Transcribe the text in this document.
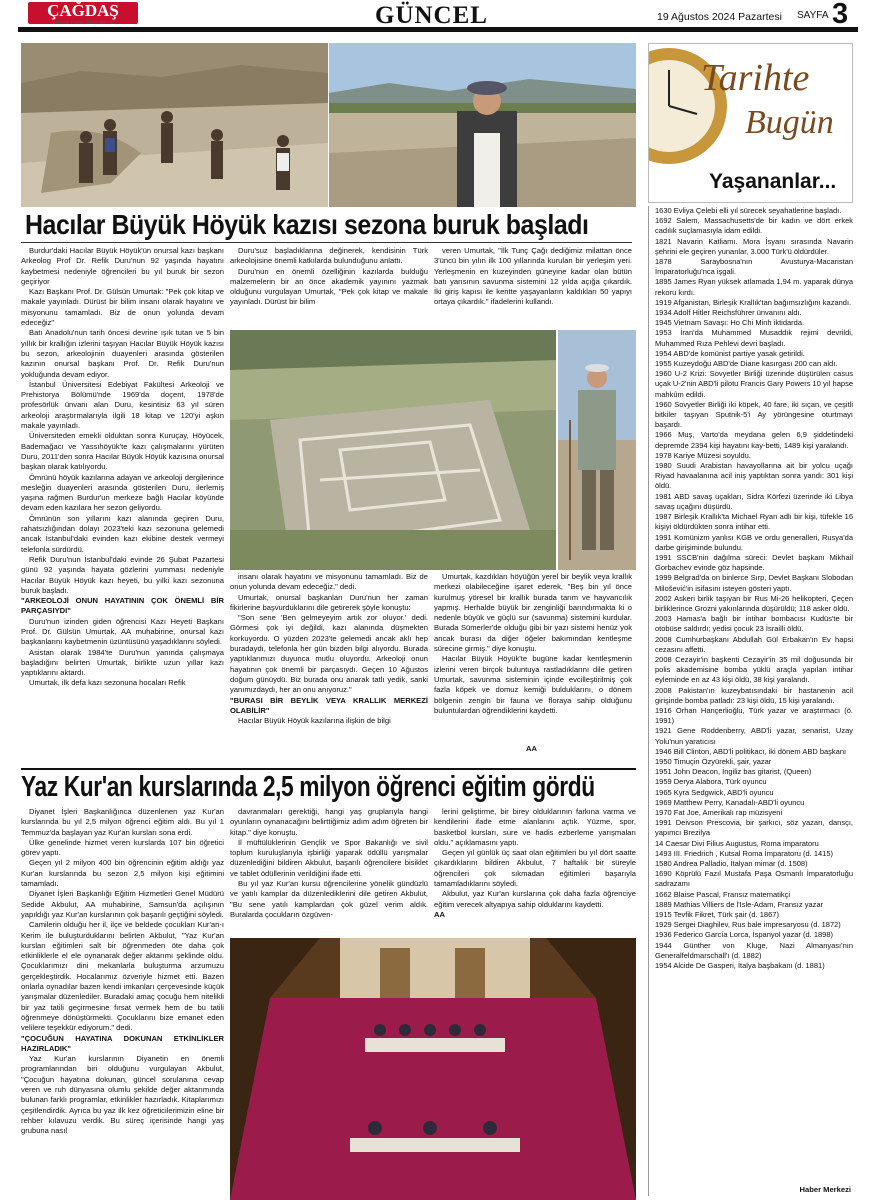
ÇAĞDAŞ
Ülkenin Haber Sitesi Adresi	GÜNCEL	19 Ağustos 2024 Pazartesi SAYFA 3
Hacılar Büyük Höyük kazısı sezona buruk başladı

Burdur'daki Hacılar Büyük Höyük'ün onursal kazı başkanı Arkeolog Prof Dr. Refik Duru'nun 92 yaşında hayatını kaybetmesi nedeniyle öğrencileri bu yıl buruk bir sezon geçiriyor

Kazı Başkanı Prof. Dr. Gülsün Umurtak: "Pek çok kitap ve makale yayınladı. Dürüst bir bilim insanı olarak hayatını ve misyonunu tamamladı. Biz de onun yolunda devam edeceğiz"

Batı Anadolu'nun tarih öncesi devrine ışık tutan ve 5 bin yıllık bir krallığın izlerini taşıyan Hacılar Büyük Höyük kazısı bu sezon, arkeolojinin duayenleri arasında gösterilen kazının onursal başkanı Prof. Dr. Refik Duru'nun yokluğunda devam ediyor.

İstanbul Üniversitesi Edebiyat Fakültesi Arkeoloji ve Prehistorya Bölümü'nde 1969'da doçent, 1978'de profesörlük ünvanı alan Duru, kesintisiz 63 yıl süren arkeoloji araştırmalarıyla ilgili 18 kitap ve 120'yi aşkın makale yayınladı.

Üniversiteden emekli olduktan sonra Kuruçay, Höyücek, Bademağacı ve Yassıhöyük'te kazı çalışmalarını yürüten Duru, 2011'den sonra Hacılar Büyük Höyük kazısına onursal başkan olarak katılıyordu.

Ömrünü höyük kazılarına adayan ve arkeoloji dergilerince mesleğin duayenleri arasında gösterilen Duru, ilerlemiş yaşına rağmen Burdur'un merkeze bağlı Hacılar köyünde devam eden kazılara her sezon geliyordu.

Ömrünün son yıllarını kazı alanında geçiren Duru, rahatsızlığından dolayı 2023'teki kazı sezonuna gelemedi ancak İstanbul'daki evinden kazı ekibine destek vermeyi telefonla sürdürdü.

Refik Duru'nun İstanbul'daki evinde 26 Şubat Pazartesi günü 92 yaşında hayata gözlerini yumması nedeniyle Hacılar Büyük Höyük kazı heyeti, bu yılki kazı sezonuna buruk başladı.

"ARKEOLOJİ ONUN HAYATININ ÇOK ÖNEMLİ BİR PARÇASIYDI"

Duru'nun izinden giden öğrencisi Kazı Heyeti Başkanı Prof. Dr. Gülsün Umurtak, AA muhabirine, onursal kazı başkanlarını kaybetmenin üzüntüsünü yaşadıklarını söyledi.

Asistan olarak 1984'te Duru'nun yanında çalışmaya başladığını belirten Umurtak, birlikte uzun yıllar kazı yaptıklarını aktardı.

Umurtak, ilk defa kazı sezonuna hocaları Refik

Duru'suz başladıklarına değinerek, kendisinin Türk arkeolojisine önemli katkılarda bulunduğunu anlattı.

Duru'nun en önemli özelliğinin kazılarda bulduğu malzemelerin bir an önce akademik yayınını yazmak olduğunu vurgulayan Umurtak, "Pek çok kitap ve makale yayınladı. Dürüst bir bilim

veren Umurtak, "İlk Tunç Çağı dediğimiz milattan önce 3'üncü bin yılın ilk 100 yıllarında kurulan bir yerleşim yeri. Yerleşmenin en kuzeyinden güneyine kadar olan bütün batı yarısının savunma sistemini 12 yılda açığa çıkardık. İki giriş kapısı ile kentte yaşayanların kaldıkları 50 yapıyı ortaya çıkardık." ifadelerini kullandı.

insanı olarak hayatını ve misyonunu tamamladı. Biz de onun yolunda devam edeceğiz." dedi.

Umurtak, onursal başkanları Duru'nun her zaman fikirlerine başvurduklarını dile getirerek şöyle konuştu:

"Son sene 'Ben gelmeyeyim artık zor oluyor.' dedi. Görmesi çok iyi değildi, kazı alanında düşmekten korkuyordu. O yüzden 2023'te gelemedi ancak aklı hep buradaydı, telefonla her gün bizden bilgi alıyordu. Burada yaptıklarımızı duyunca mutlu oluyordu. Arkeoloji onun hayatının çok önemli bir parçasıydı. Geçen 10 Ağustos doğum günüydü. Biz burada onu anarak tatlı yedik, sanki yanımızdaydı, her an onu anıyoruz."

"BURASI BİR BEYLİK VEYA KRALLIK MERKEZİ OLABİLİR"

Hacılar Büyük Höyük kazılarına ilişkin de bilgi

Umurtak, kazdıkları höyüğün yerel bir beylik veya krallık merkezi olabileceğine işaret ederek, "Beş bin yıl önce kurulmuş yöresel bir krallık burada tarım ve hayvancılık yapmış. Herhalde büyük bir zenginliği barındırmakta ki o nedenle büyük ve güçlü sur (savunma) sistemini kurdular. Burada Sümerler'de olduğu gibi bir yazı sistemi henüz yok ancak burası da diğer öğeler bakımından kentleşme sürecine girmiş." diye konuştu.

Hacılar Büyük Höyük'te bugüne kadar kentleşmenin izlerini veren birçok buluntuya rastladıklarını dile getiren Umurtak, savunma sisteminin içinde evcilleştirilmiş çok fazla köpek ve domuz kemiği bulduklarını, o dönem bölgenin zengin bir fauna ve floraya sahip olduğunu buluntulardan öğrendiklerini kaydetti.

AA
Yaz Kur'an kurslarında 2,5 milyon öğrenci eğitim gördü

Diyanet İşleri Başkanlığınca düzenlenen yaz Kur'an kurslarında bu yıl 2,5 milyon öğrenci eğitim aldı. Bu yıl 1 Temmuz'da başlayan yaz Kur'an kursları sona erdi.

Ülke genelinde hizmet veren kurslarda 107 bin öğretici görev yaptı.

Geçen yıl 2 milyon 400 bin öğrencinin eğitim aldığı yaz Kur'an kurslarında bu sezon 2,5 milyon kişi eğitimini tamamladı.

Diyanet İşleri Başkanlığı Eğitim Hizmetleri Genel Müdürü Sedide Akbulut, AA muhabirine, Samsun'da açılışının yapıldığı yaz Kur'an kurslarının çok başarılı geçtiğini söyledi.

Camilerin olduğu her il, ilçe ve beldede çocukları Kur'an-ı Kerim ile buluşturduklarını belirten Akbulut, "Yaz Kur'an kursları eğitimleri salt bir öğrenmeden öte daha çok etkinliklerle el ele oynanarak değer aktarımı şeklinde oldu. Çocuklarımızı dini mekanlarla buluşturma arzumuzu gerçekleştirdik. Hocalarımız özveriyle hizmet etti. Bazen onlarla oynadılar bazen kendi imkanları çerçevesinde küçük yarışmalar düzenlediler. Buradaki amaç çocuğu hem nitelikli bir yaz tatili geçirmesine fırsat vermek hem de bu tatili öğrenmeye dönüştürmekti. Çocuklarını bize emanet eden velilere teşekkür ediyorum." dedi.

"ÇOCUĞUN HAYATINA DOKUNAN ETKİNLİKLER HAZIRLADIK"

Yaz Kur'an kurslarının Diyanetin en önemli programlarından biri olduğunu vurgulayan Akbulut, "Çocuğun hayatına dokunan, güncel sorulanına cevap veren ve ruh dünyasına olumlu şekilde değer aktarımında bulunan farklı programlar, etkinlikler hazırladık. Kitaplarımızı çeşitlendirdik. Ayrıca bu yaz ilk kez öğreticilerimizin eline bir rehber kılavuzu verdik. Bu süreç içerisinde hangi yaş grubuna nasıl

davranmaları gerektiği, hangi yaş gruplarıyla hangi oyunların oynanacağını belirttiğimiz adım adım öğreten bir kitap." diye konuştu.

İl müftülüklerinin Gençlik ve Spor Bakanlığı ve sivil toplum kuruluşlarıyla işbirliği yaparak ödüllü yarışmalar düzenlediğini bildiren Akbulut, başarılı öğrencilere bisiklet ve tablet ödüllerinin verildiğini ifade etti.

Bu yıl yaz Kur'an kursu öğrencilerine yönelik gündüzlü ve yatılı kamplar da düzenlediklerini dile getiren Akbulut, "Bu sene yatılı kamplardan çok güzel verim aldık. Buralarda çocukların özgüven-

lerini geliştirme, bir birey olduklarının farkına varma ve kendilerini ifade etme alanlarını açtık. Yüzme, spor, basketbol kursları, sure ve hadis ezberleme yarışmaları oldu." açıklamasını yaptı.

Geçen yıl günlük üç saat olan eğitimleri bu yıl dört saatte çıkardıklarını bildiren Akbulut, 7 haftalık bir süreyle öğrencileri çok sıkmadan eğitimleri başarıyla tamamladıklarını söyledi.

Akbulut, yaz Kur'an kurslarına çok daha fazla öğrenciye eğitim verecek altyapıya sahip olduklarını kaydetti.

AA
Tarihte
Bugün
Yaşananlar...
1630 Evliya Çelebi elli yıl sürecek seyahatlerine başladı.
1692 Salem, Massachusetts'de bir kadın ve dört erkek cadılık suçlamasıyla idam edildi.
1821 Navarin Katliamı. Mora İsyanı sırasında Navarin şehrini ele geçiren yunanlar, 3.000 Türk'ü öldürdüler.
1878 Saraybosna'nın Avusturya-Macaristan İmparatorluğu'nca işgali.
1895 James Ryan yüksek atlamada 1,94 m. yaparak dünya rekoru kırdı.
1919 Afganistan, Birleşik Krallık'tan bağımsızlığını kazandı.
1934 Adolf Hitler Reichsführer ünvanını aldı.
1945 Vietnam Savaşı: Ho Chi Minh iktidarda.
1953 İran'da Muhammed Musaddık rejimi devrildi, Muhammed Rıza Pehlevi devri başladı.
1954 ABD'de komünist partiye yasak getirildi.
1955 Kuzeydoğu ABD'de Diane kasırgası 200 can aldı.
1960 U-2 Krizi: Sovyetler Birliği üzerinde düşürülen casus uçak U-2'nin ABD'li pilotu Francis Gary Powers 10 yıl hapse mahkûm edildi.
1960 Sovyetler Birliği iki köpek, 40 fare, iki sıçan, ve çeşitli bitkiler taşıyan Sputnik-5'i Ay yörüngesine oturtmayı başardı.
1966 Muş, Varto'da meydana gelen 6,9 şiddetindeki depremde 2394 kişi hayatını kay-betti, 1489 kişi yaralandı.
1978 Kariye Müzesi soyuldu.
1980 Suudi Arabistan havayollarına ait bir yolcu uçağı Riyad havaalanına acil iniş yaptıktan sonra yandı: 301 kişi öldü.
1981 ABD savaş uçakları, Sidra Körfezi üzerinde iki Libya savaş uçağını düşürdü.
1987 Birleşik Krallık'ta Michael Ryan adlı bir kişi, tüfekle 16 kişiyi öldürdükten sonra intihar etti.
1991 Komünizm yanlısı KGB ve ordu generalleri, Rusya'da darbe girişiminde bulundu.
1991 SSCB'nin dağılma süreci: Devlet başkanı Mikhail Gorbachev evinde göz hapsinde.
1999 Belgrad'da on binlerce Sırp, Devlet Başkanı Slobodan Milošević'in isifasını isteyen gösteri yaptı.
2002 Askeri birlik taşıyan bir Rus Mi-26 helikopteri, Çeçen birliklerince Grozni yakınlarında düşürüldü; 118 asker öldü.
2003 Hamas'a bağlı bir intihar bombacısı Kudüs'te bir otobüse saldırdı; yedisi çocuk 23 İsrailli öldü.
2008 Cumhurbaşkanı Abdullah Gül Erbakan'ın Ev hapsi cezasını affetti.
2008 Cezayir'in başkenti Cezayir'in 35 mil doğusunda bir polis akademisine bomba yüklü araçla yapılan intihar eyleminde en az 43 kişi öldü, 38 kişi yaralandı.
2008 Pakistan'ın kuzeybatısındaki bir hastanenin acil girişinde bomba patladı: 23 kişi öldü, 15 kişi yaralandı.
1916 Orhan Hançerlioğlu, Türk yazar ve araştırmacı (ö. 1991)
1921 Gene Roddenberry, ABD'li yazar, senarist, Uzay Yolu'nun yaratıcısı
1946 Bill Clinton, ABD'li politikacı, iki dönem ABD başkanı
1950 Timuçin Özyürekli, şair, yazar
1951 John Deacon, İngiliz bas gitarist, (Queen)
1959 Derya Alabora, Türk oyuncu
1965 Kyra Sedgwick, ABD'li oyuncu
1969 Matthew Perry, Kanadalı-ABD'li oyuncu
1970 Fat Joe, Amerikalı rap müzisyeni
1991 Deivson Prescovia, bir şarkıcı, söz yazarı, dansçı, yapımcı Brezilya
14 Caesar Divi Filius Augustus, Roma imparatoru
1493 III. Friedrich , Kutsal Roma İmparatoru (d. 1415)
1580 Andrea Palladio, İtalyan mimar (d. 1508)
1690 Köprülü Fazıl Mustafa Paşa Osmanlı İmparatorluğu sadrazamı
1662 Blaise Pascal, Fransız matematikçi
1889 Mathias Villiers de l'Isle-Adam, Fransız yazar
1915 Tevfik Fikret, Türk şair (d. 1867)
1929 Sergei Diaghilev, Rus bale impresaryosu (d. 1872)
1936 Federico García Lorca, İspanyol yazar (d. 1898)
1944 Günther von Kluge, Nazi Almanyası'nın Generalfeldmarschall'ı (d. 1882)
1954 Alcide De Gasperi, İtalya başbakanı (d. 1881)
Haber Merkezi
